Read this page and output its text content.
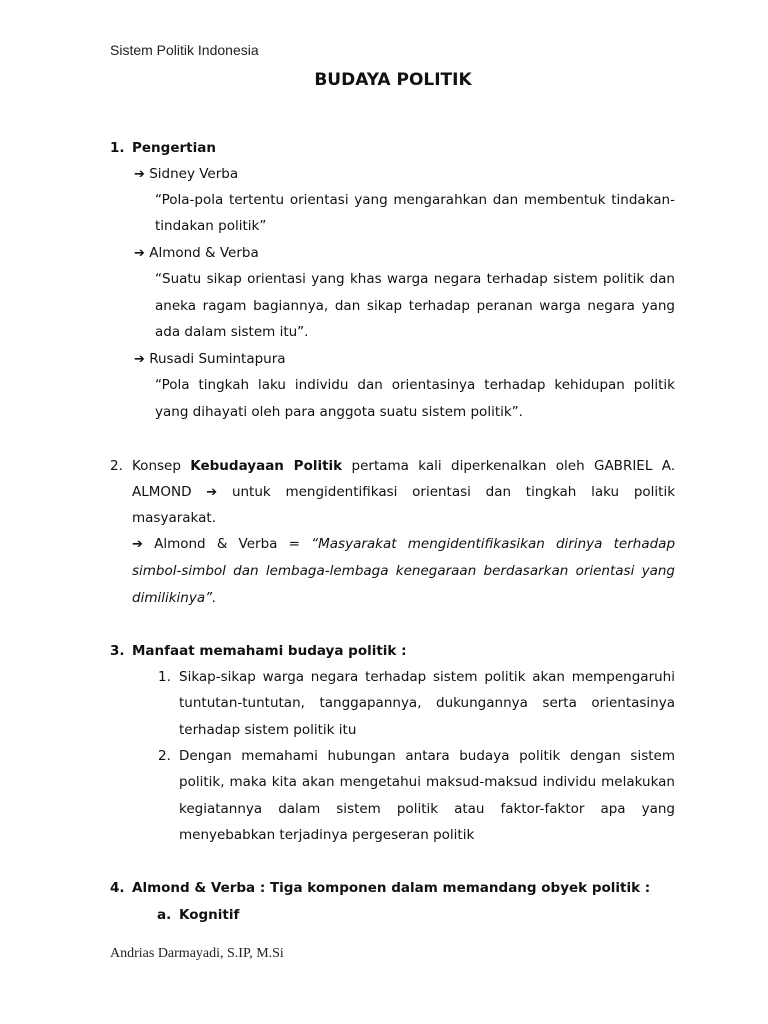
Sistem Politik Indonesia
BUDAYA POLITIK
1. Pengertian
➔ Sidney Verba
“Pola-pola tertentu orientasi yang mengarahkan dan membentuk tindakan-
tindakan politik”
➔ Almond & Verba
“Suatu sikap orientasi yang khas warga negara terhadap sistem politik dan
aneka ragam bagiannya, dan sikap terhadap peranan warga negara yang
ada dalam sistem itu”.
➔ Rusadi Sumintapura
“Pola tingkah laku individu dan orientasinya terhadap kehidupan politik
yang dihayati oleh para anggota suatu sistem politik”.
2. Konsep Kebudayaan Politik pertama kali diperkenalkan oleh GABRIEL A.
ALMOND ➔ untuk mengidentifikasi orientasi dan tingkah laku politik
masyarakat.
➔ Almond & Verba = “Masyarakat mengidentifikasikan dirinya terhadap
simbol-simbol dan lembaga-lembaga kenegaraan berdasarkan orientasi yang
dimilikinya”.
3. Manfaat memahami budaya politik :
1. Sikap-sikap warga negara terhadap sistem politik akan mempengaruhi
tuntutan-tuntutan, tanggapannya, dukungannya serta orientasinya
terhadap sistem politik itu
2. Dengan memahami hubungan antara budaya politik dengan sistem
politik, maka kita akan mengetahui maksud-maksud individu melakukan
kegiatannya dalam sistem politik atau faktor-faktor apa yang
menyebabkan terjadinya pergeseran politik
4. Almond & Verba : Tiga komponen dalam memandang obyek politik :
a. Kognitif
Andrias Darmayadi, S.IP, M.Si
